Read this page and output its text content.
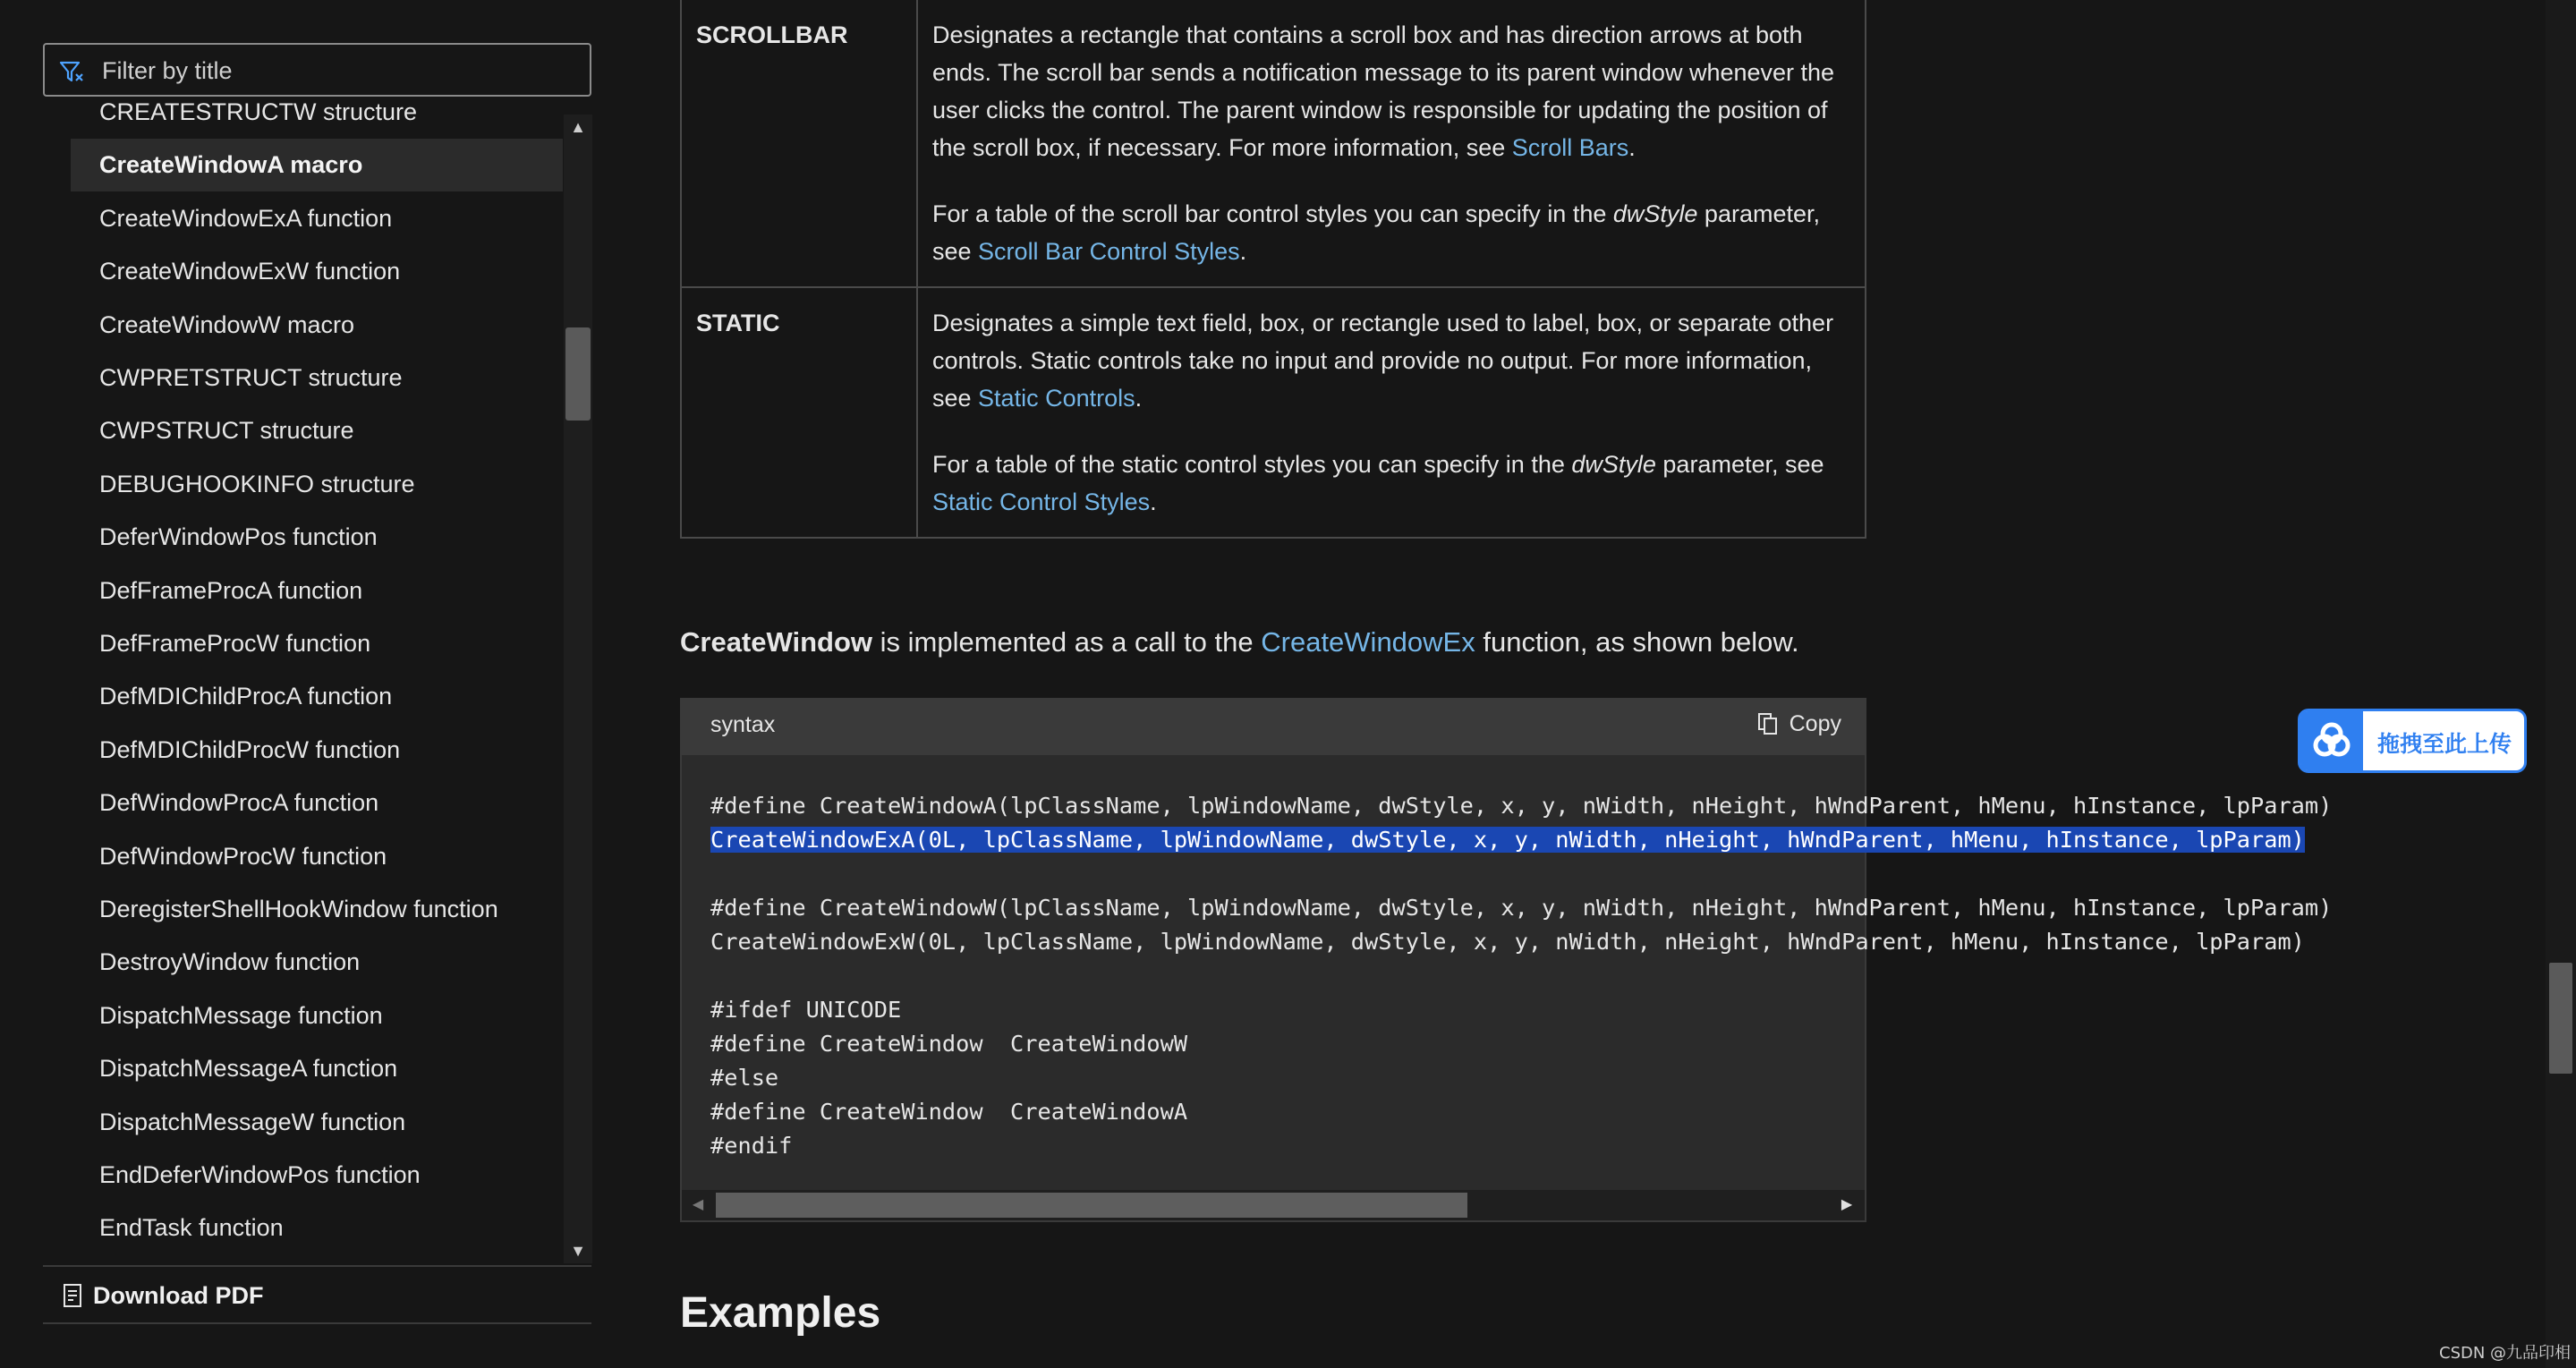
Filter by title
CREATESTRUCTW structure
CreateWindowA macro
CreateWindowExA function
CreateWindowExW function
CreateWindowW macro
CWPRETSTRUCT structure
CWPSTRUCT structure
DEBUGHOOKINFO structure
DeferWindowPos function
DefFrameProcA function
DefFrameProcW function
DefMDIChildProcA function
DefMDIChildProcW function
DefWindowProcA function
DefWindowProcW function
DeregisterShellHookWindow function
DestroyWindow function
DispatchMessage function
DispatchMessageA function
DispatchMessageW function
EndDeferWindowPos function
EndTask function
▲
▼
Download PDF
SCROLLBAR	Designates a rectangle that contains a scroll box and has direction arrows at both ends. The scroll bar sends a notification message to its parent window whenever the user clicks the control. The parent window is responsible for updating the position of the scroll box, if necessary. For more information, see Scroll Bars.

For a table of the scroll bar control styles you can specify in the dwStyle parameter, see Scroll Bar Control Styles.

STATIC	Designates a simple text field, box, or rectangle used to label, box, or separate other controls. Static controls take no input and provide no output. For more information, see Static Controls.

For a table of the static control styles you can specify in the dwStyle parameter, see Static Control Styles.

CreateWindow is implemented as a call to the CreateWindowEx function, as shown below.
syntax	Copy
#define CreateWindowA(lpClassName, lpWindowName, dwStyle, x, y, nWidth, nHeight, hWndParent, hMenu, hInstance, lpParam)
CreateWindowExA(0L, lpClassName, lpWindowName, dwStyle, x, y, nWidth, nHeight, hWndParent, hMenu, hInstance, lpParam)

#define CreateWindowW(lpClassName, lpWindowName, dwStyle, x, y, nWidth, nHeight, hWndParent, hMenu, hInstance, lpParam)
CreateWindowExW(0L, lpClassName, lpWindowName, dwStyle, x, y, nWidth, nHeight, hWndParent, hMenu, hInstance, lpParam)

#ifdef UNICODE
#define CreateWindow  CreateWindowW
#else
#define CreateWindow  CreateWindowA
#endif
◀	▶
Examples
拖拽至此上传
CSDN @九品印相
